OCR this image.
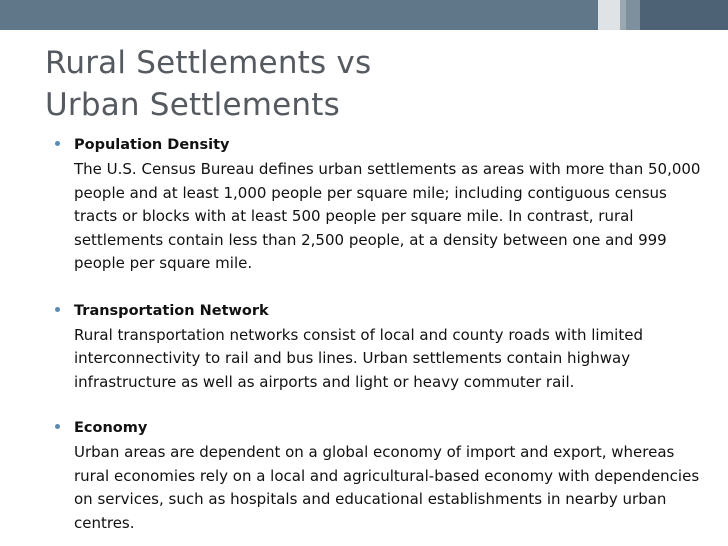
Rural Settlements vs
Urban Settlements

Population Density

The U.S. Census Bureau defines urban settlements as areas with more than 50,000 people and at least 1,000 people per square mile; including contiguous census tracts or blocks with at least 500 people per square mile. In contrast, rural settlements contain less than 2,500 people, at a density between one and 999 people per square mile.

Transportation Network

Rural transportation networks consist of local and county roads with limited interconnectivity to rail and bus lines. Urban settlements contain highway infrastructure as well as airports and light or heavy commuter rail.

Economy

Urban areas are dependent on a global economy of import and export, whereas rural economies rely on a local and agricultural-based economy with dependencies on services, such as hospitals and educational establishments in nearby urban centres.
